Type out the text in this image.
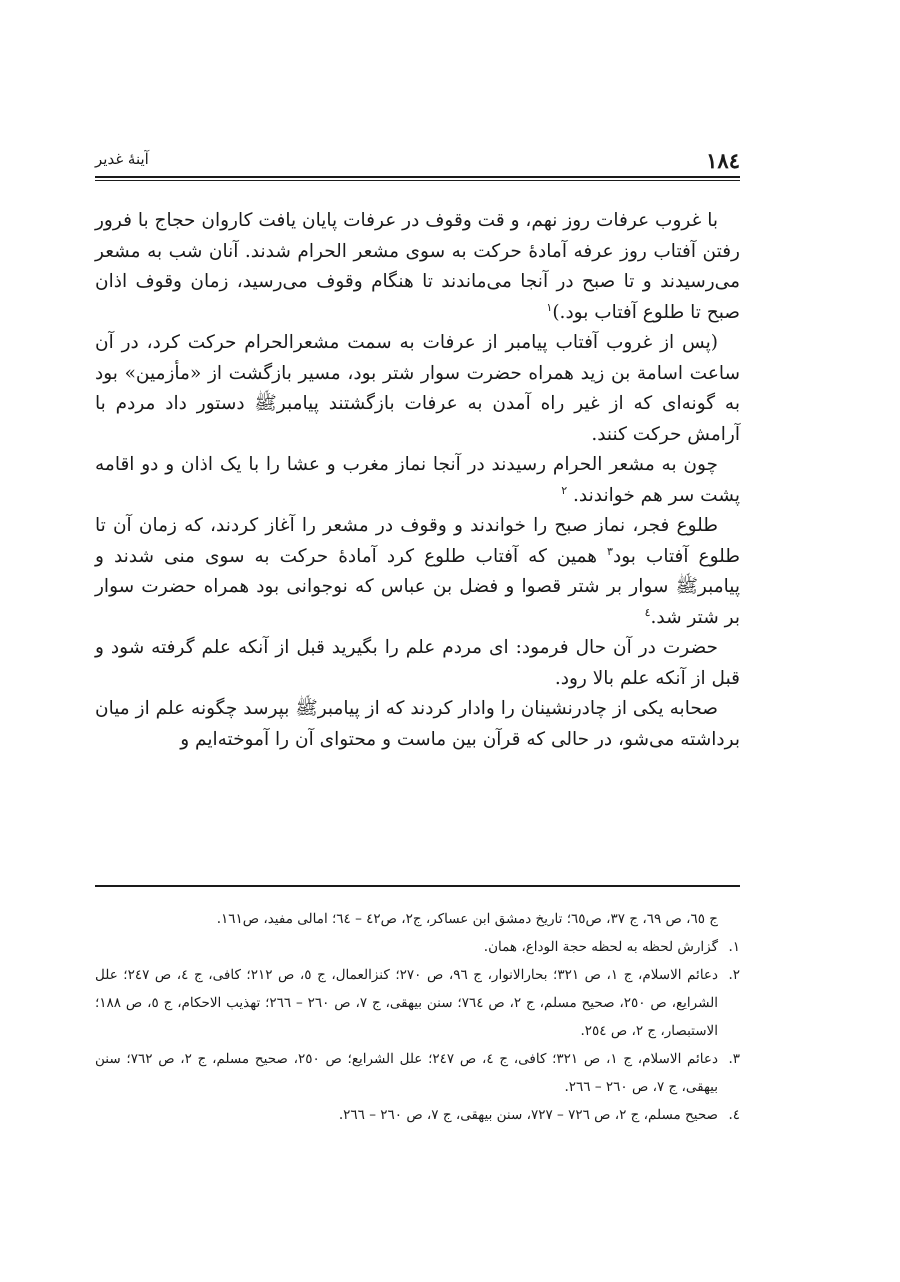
۱۸٤
آینهٔ غدیر

با غروب عرفات روز نهم، و قت وقوف در عرفات پایان یافت کاروان حجاج با فرور رفتن آفتاب روز عرفه آمادهٔ حرکت به سوی مشعر الحرام شدند. آنان شب به مشعر می‌رسیدند و تا صبح در آنجا می‌ماندند تا هنگام وقوف می‌رسید، زمان وقوف اذان صبح تا طلوع آفتاب بود.)$^۱$

(پس از غروب آفتاب پیامبر از عرفات به سمت مشعرالحرام حرکت کرد، در آن ساعت اسامة بن زید همراه حضرت سوار شتر بود، مسیر بازگشت از «مأزمین» بود به گونه‌ای که از غیر راه آمدن به عرفات بازگشتند پیامبرﷺ دستور داد مردم با آرامش حرکت کنند.

چون به مشعر الحرام رسیدند در آنجا نماز مغرب و عشا را با یک اذان و دو اقامه پشت سر هم خواندند. $^۲$

طلوع فجر، نماز صبح را خواندند و وقوف در مشعر را آغاز کردند، که زمان آن تا طلوع آفتاب بود$^۳$ همین که آفتاب طلوع کرد آمادهٔ حرکت به سوی منی شدند و پیامبرﷺ سوار بر شتر قصوا و فضل بن عباس که نوجوانی بود همراه حضرت سوار بر شتر شد.$^٤$

حضرت در آن حال فرمود: ای مردم علم را بگیرید قبل از آنکه علم گرفته شود و قبل از آنکه علم بالا رود.

صحابه یکی از چادرنشینان را وادار کردند که از پیامبرﷺ بپرسد چگونه علم از میان برداشته می‌شو، در حالی که قرآن بین ماست و محتوای آن را آموخته‌ایم و

ج ٦٥، ص ٦٩، ج ٣٧، ص٦٥؛ تاریخ دمشق ابن عساکر، ج٢، ص٤٢ – ٦٤؛ امالی مفید، ص١٦١.

۱.
گزارش لحظه به لحظه حجة الوداع، همان.

۲.
دعائم الاسلام، ج ١، ص ٣٢١؛ بحارالانوار، ج ٩٦، ص ٢٧٠؛ کنزالعمال، ج ٥، ص ٢١٢؛ کافی، ج ٤، ص ٢٤٧؛ علل الشرایع، ص ٢٥٠، صحیح مسلم، ج ٢، ص ٧٦٤؛ سنن بیهقی، ج ٧، ص ٢٦٠ – ٢٦٦؛ تهذیب الاحکام، ج ٥، ص ١٨٨؛ الاستبصار، ج ٢، ص ٢٥٤.

۳.
دعائم الاسلام، ج ١، ص ٣٢١؛ کافی، ج ٤، ص ٢٤٧؛ علل الشرایع؛ ص ٢٥٠، صحیح مسلم، ج ٢، ص ٧٦٢؛ سنن بیهقی، ج ٧، ص ٢٦٠ – ٢٦٦.

٤.
صحیح مسلم، ج ٢، ص ٧٢٦ – ٧٢٧، سنن بیهقی، ج ٧، ص ٢٦٠ – ٢٦٦.
